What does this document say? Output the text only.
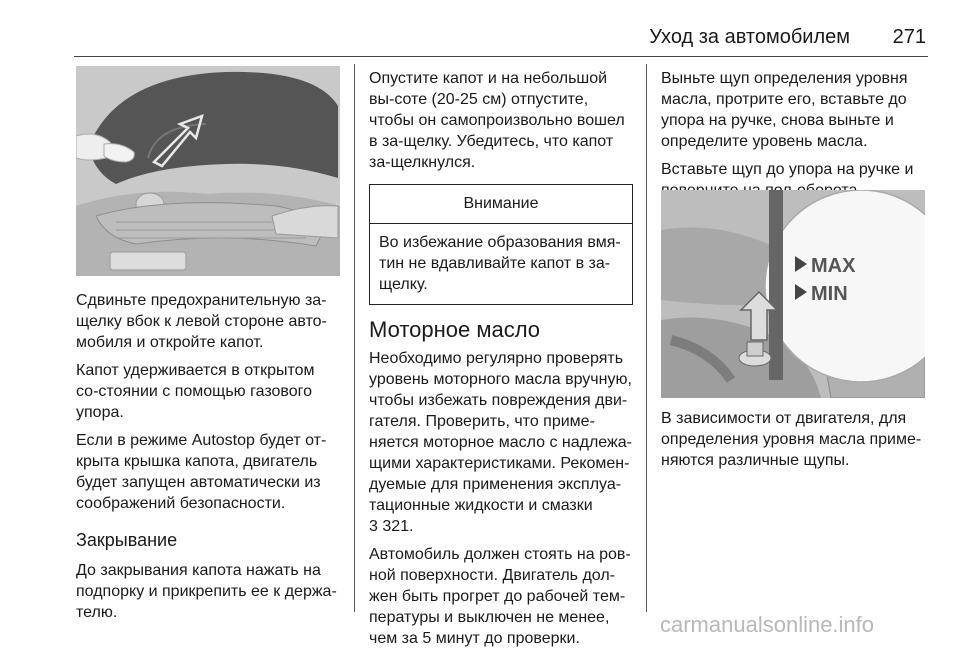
Уход за автомобилем	271

Сдвиньте предохранительную за-щелку вбок к левой стороне авто-мобиля и откройте капот.

Капот удерживается в открытом со-стоянии с помощью газового упора.

Если в режиме Autostop будет от-крыта крышка капота, двигатель будет запущен автоматически из соображений безопасности.

Закрывание

До закрывания капота нажать на подпорку и прикрепить ее к держа-телю.

Опустите капот и на небольшой вы-соте (20-25 см) отпустите, чтобы он самопроизвольно вошел в за-щелку. Убедитесь, что капот за-щелкнулся.

Внимание
Во избежание образования вмя-тин не вдавливайте капот в за-щелку.
Моторное масло

Необходимо регулярно проверять уровень моторного масла вручную, чтобы избежать повреждения дви-гателя. Проверить, что приме-няется моторное масло с надлежа-щими характеристиками. Рекомен-дуемые для применения эксплуа-тационные жидкости и смазки

3 321.

Автомобиль должен стоять на ров-ной поверхности. Двигатель дол-жен быть прогрет до рабочей тем-пературы и выключен не менее, чем за 5 минут до проверки.

Выньте щуп определения уровня масла, протрите его, вставьте до упора на ручке, снова выньте и определите уровень масла.

Вставьте щуп до упора на ручке и

MAX
MIN

В зависимости от двигателя, для определения уровня масла приме-няются различные щупы.

carmanualsonline.info
